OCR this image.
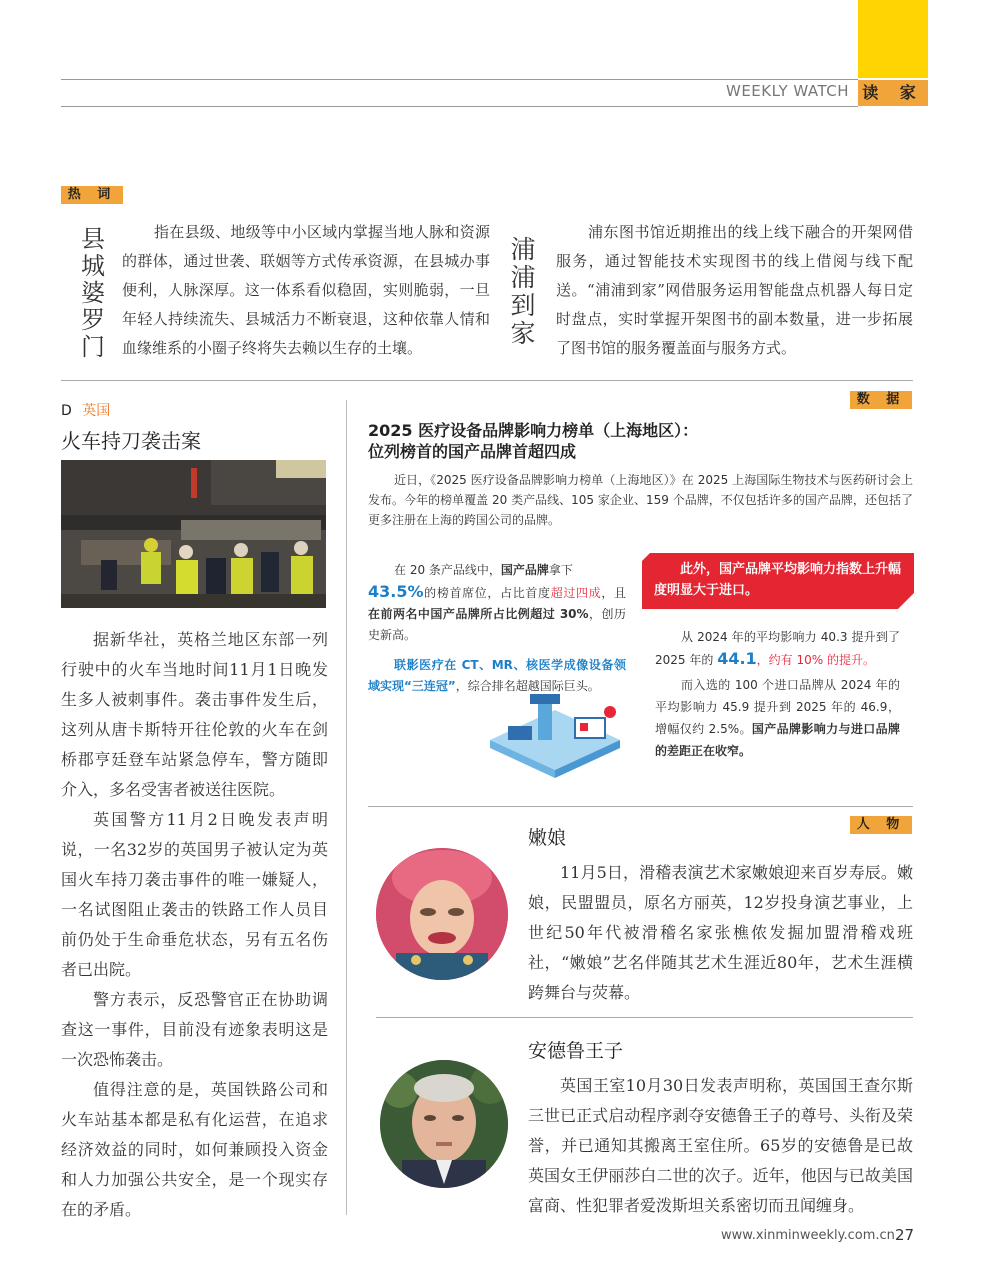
WEEKLY WATCH 读 家
热 词
县城婆罗门
指在县级、地级等中小区域内掌握当地人脉和资源的群体，通过世袭、联姻等方式传承资源，在县城办事便利，人脉深厚。这一体系看似稳固，实则脆弱，一旦年轻人持续流失、县城活力不断衰退，这种依靠人情和血缘维系的小圈子终将失去赖以生存的土壤。
浦浦到家
浦东图书馆近期推出的线上线下融合的开架网借服务，通过智能技术实现图书的线上借阅与线下配送。“浦浦到家”网借服务运用智能盘点机器人每日定时盘点，实时掌握开架图书的副本数量，进一步拓展了图书馆的服务覆盖面与服务方式。
D 英国
火车持刀袭击案

据新华社，英格兰地区东部一列行驶中的火车当地时间11月1日晚发生多人被刺事件。袭击事件发生后，这列从唐卡斯特开往伦敦的火车在剑桥郡亨廷登车站紧急停车，警方随即介入，多名受害者被送往医院。

英国警方11月2日晚发表声明说，一名32岁的英国男子被认定为英国火车持刀袭击事件的唯一嫌疑人，一名试图阻止袭击的铁路工作人员目前仍处于生命垂危状态，另有五名伤者已出院。

警方表示，反恐警官正在协助调查这一事件，目前没有迹象表明这是一次恐怖袭击。

值得注意的是，英国铁路公司和火车站基本都是私有化运营，在追求经济效益的同时，如何兼顾投入资金和人力加强公共安全，是一个现实存在的矛盾。

数 据
2025 医疗设备品牌影响力榜单（上海地区）：
位列榜首的国产品牌首超四成
近日，《2025 医疗设备品牌影响力榜单（上海地区）》在 2025 上海国际生物技术与医药研讨会上发布。今年的榜单覆盖 20 类产品线、105 家企业、159 个品牌，不仅包括许多的国产品牌，还包括了更多注册在上海的跨国公司的品牌。
在 20 条产品线中，国产品牌拿下
43.5%的榜首席位，占比首度超过四成，且 在前两名中国产品牌所占比例超过 30%，创历史新高。
联影医疗在 CT、MR、核医学成像设备领域实现“三连冠”，综合排名超越国际巨头。
此外，国产品牌平均影响力指数上升幅度明显大于进口。
从 2024 年的平均影响力 40.3 提升到了 2025 年的 44.1，约有 10% 的提升。
而入选的 100 个进口品牌从 2024 年的平均影响力 45.9 提升到 2025 年的 46.9，增幅仅约 2.5%。国产品牌影响力与进口品牌的差距正在收窄。
人 物
嫩娘

11月5日，滑稽表演艺术家嫩娘迎来百岁寿辰。嫩娘，民盟盟员，原名方丽英，12岁投身演艺事业，上世纪50年代被滑稽名家张樵侬发掘加盟滑稽戏班社，“嫩娘”艺名伴随其艺术生涯近80年，艺术生涯横跨舞台与荧幕。

安德鲁王子

英国王室10月30日发表声明称，英国国王查尔斯三世已正式启动程序剥夺安德鲁王子的尊号、头衔及荣誉，并已通知其搬离王室住所。65岁的安德鲁是已故英国女王伊丽莎白二世的次子。近年，他因与已故美国富商、性犯罪者爱泼斯坦关系密切而丑闻缠身。

www.xinminweekly.com.cn 27
